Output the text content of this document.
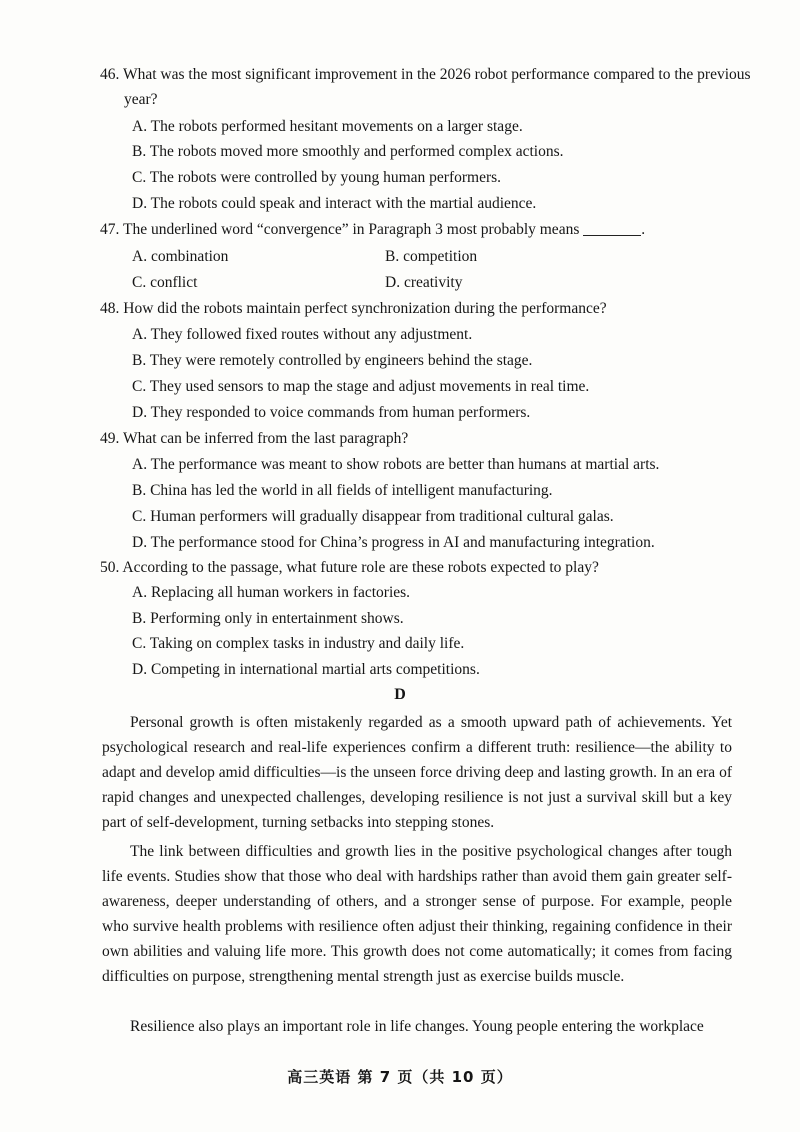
46. What was the most significant improvement in the 2026 robot performance compared to the previous year?
A. The robots performed hesitant movements on a larger stage.
B. The robots moved more smoothly and performed complex actions.
C. The robots were controlled by young human performers.
D. The robots could speak and interact with the martial audience.
47. The underlined word “convergence” in Paragraph 3 most probably means	.
A. combination	B. competition
C. conflict	D. creativity
48. How did the robots maintain perfect synchronization during the performance?
A. They followed fixed routes without any adjustment.
B. They were remotely controlled by engineers behind the stage.
C. They used sensors to map the stage and adjust movements in real time.
D. They responded to voice commands from human performers.
49. What can be inferred from the last paragraph?
A. The performance was meant to show robots are better than humans at martial arts.
B. China has led the world in all fields of intelligent manufacturing.
C. Human performers will gradually disappear from traditional cultural galas.
D. The performance stood for China’s progress in AI and manufacturing integration.
50. According to the passage, what future role are these robots expected to play?
A. Replacing all human workers in factories.
B. Performing only in entertainment shows.
C. Taking on complex tasks in industry and daily life.
D. Competing in international martial arts competitions.
D
Personal growth is often mistakenly regarded as a smooth upward path of achievements. Yet psychological research and real-life experiences confirm a different truth: resilience—the ability to adapt and develop amid difficulties—is the unseen force driving deep and lasting growth. In an era of rapid changes and unexpected challenges, developing resilience is not just a survival skill but a key part of self-development, turning setbacks into stepping stones.
The link between difficulties and growth lies in the positive psychological changes after tough life events. Studies show that those who deal with hardships rather than avoid them gain greater self-awareness, deeper understanding of others, and a stronger sense of purpose. For example, people who survive health problems with resilience often adjust their thinking, regaining confidence in their own abilities and valuing life more. This growth does not come automatically; it comes from facing difficulties on purpose, strengthening mental strength just as exercise builds muscle.
Resilience also plays an important role in life changes. Young people entering the workplace
高三英语 第 7 页（共 10 页）
